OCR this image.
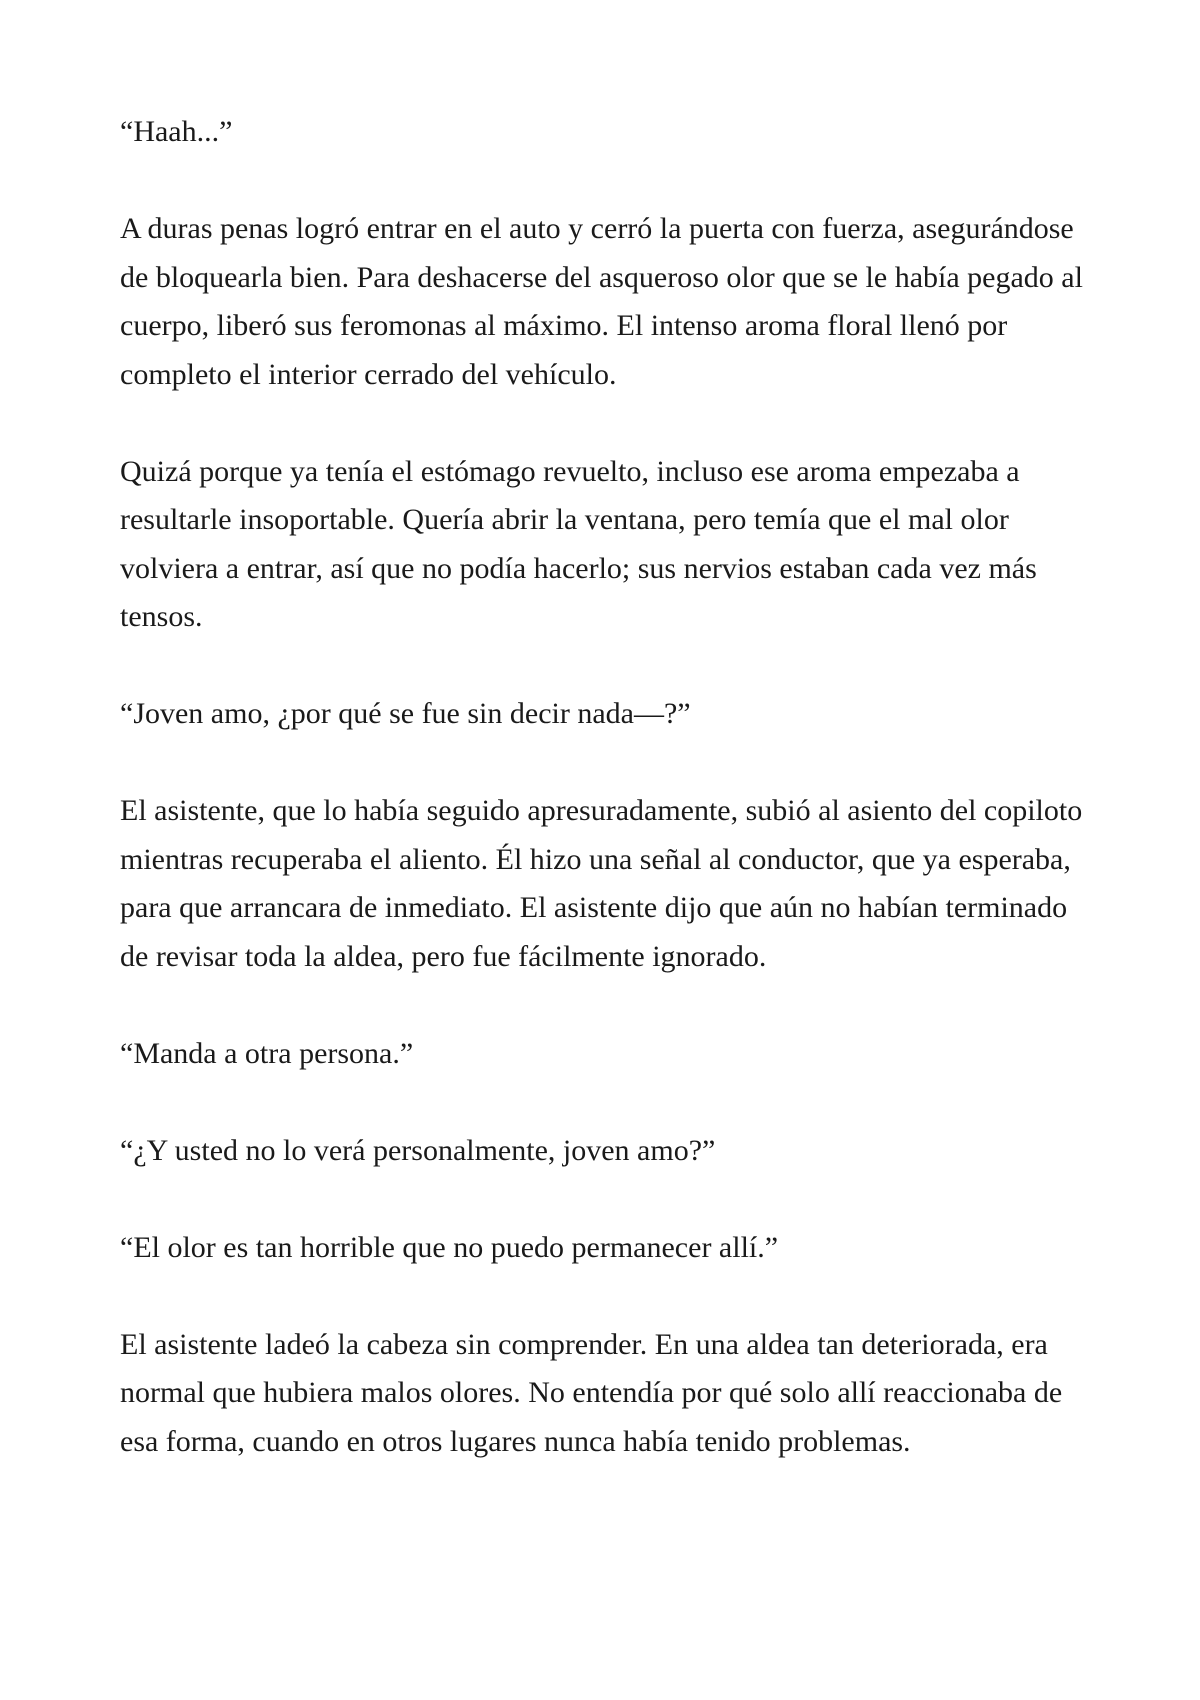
“Haah...”

A duras penas logró entrar en el auto y cerró la puerta con fuerza, asegurándose de bloquearla bien. Para deshacerse del asqueroso olor que se le había pegado al cuerpo, liberó sus feromonas al máximo. El intenso aroma floral llenó por completo el interior cerrado del vehículo.

Quizá porque ya tenía el estómago revuelto, incluso ese aroma empezaba a resultarle insoportable. Quería abrir la ventana, pero temía que el mal olor volviera a entrar, así que no podía hacerlo; sus nervios estaban cada vez más tensos.

“Joven amo, ¿por qué se fue sin decir nada—?”

El asistente, que lo había seguido apresuradamente, subió al asiento del copiloto mientras recuperaba el aliento. Él hizo una señal al conductor, que ya esperaba, para que arrancara de inmediato. El asistente dijo que aún no habían terminado de revisar toda la aldea, pero fue fácilmente ignorado.

“Manda a otra persona.”

“¿Y usted no lo verá personalmente, joven amo?”

“El olor es tan horrible que no puedo permanecer allí.”

El asistente ladeó la cabeza sin comprender. En una aldea tan deteriorada, era normal que hubiera malos olores. No entendía por qué solo allí reaccionaba de esa forma, cuando en otros lugares nunca había tenido problemas.
